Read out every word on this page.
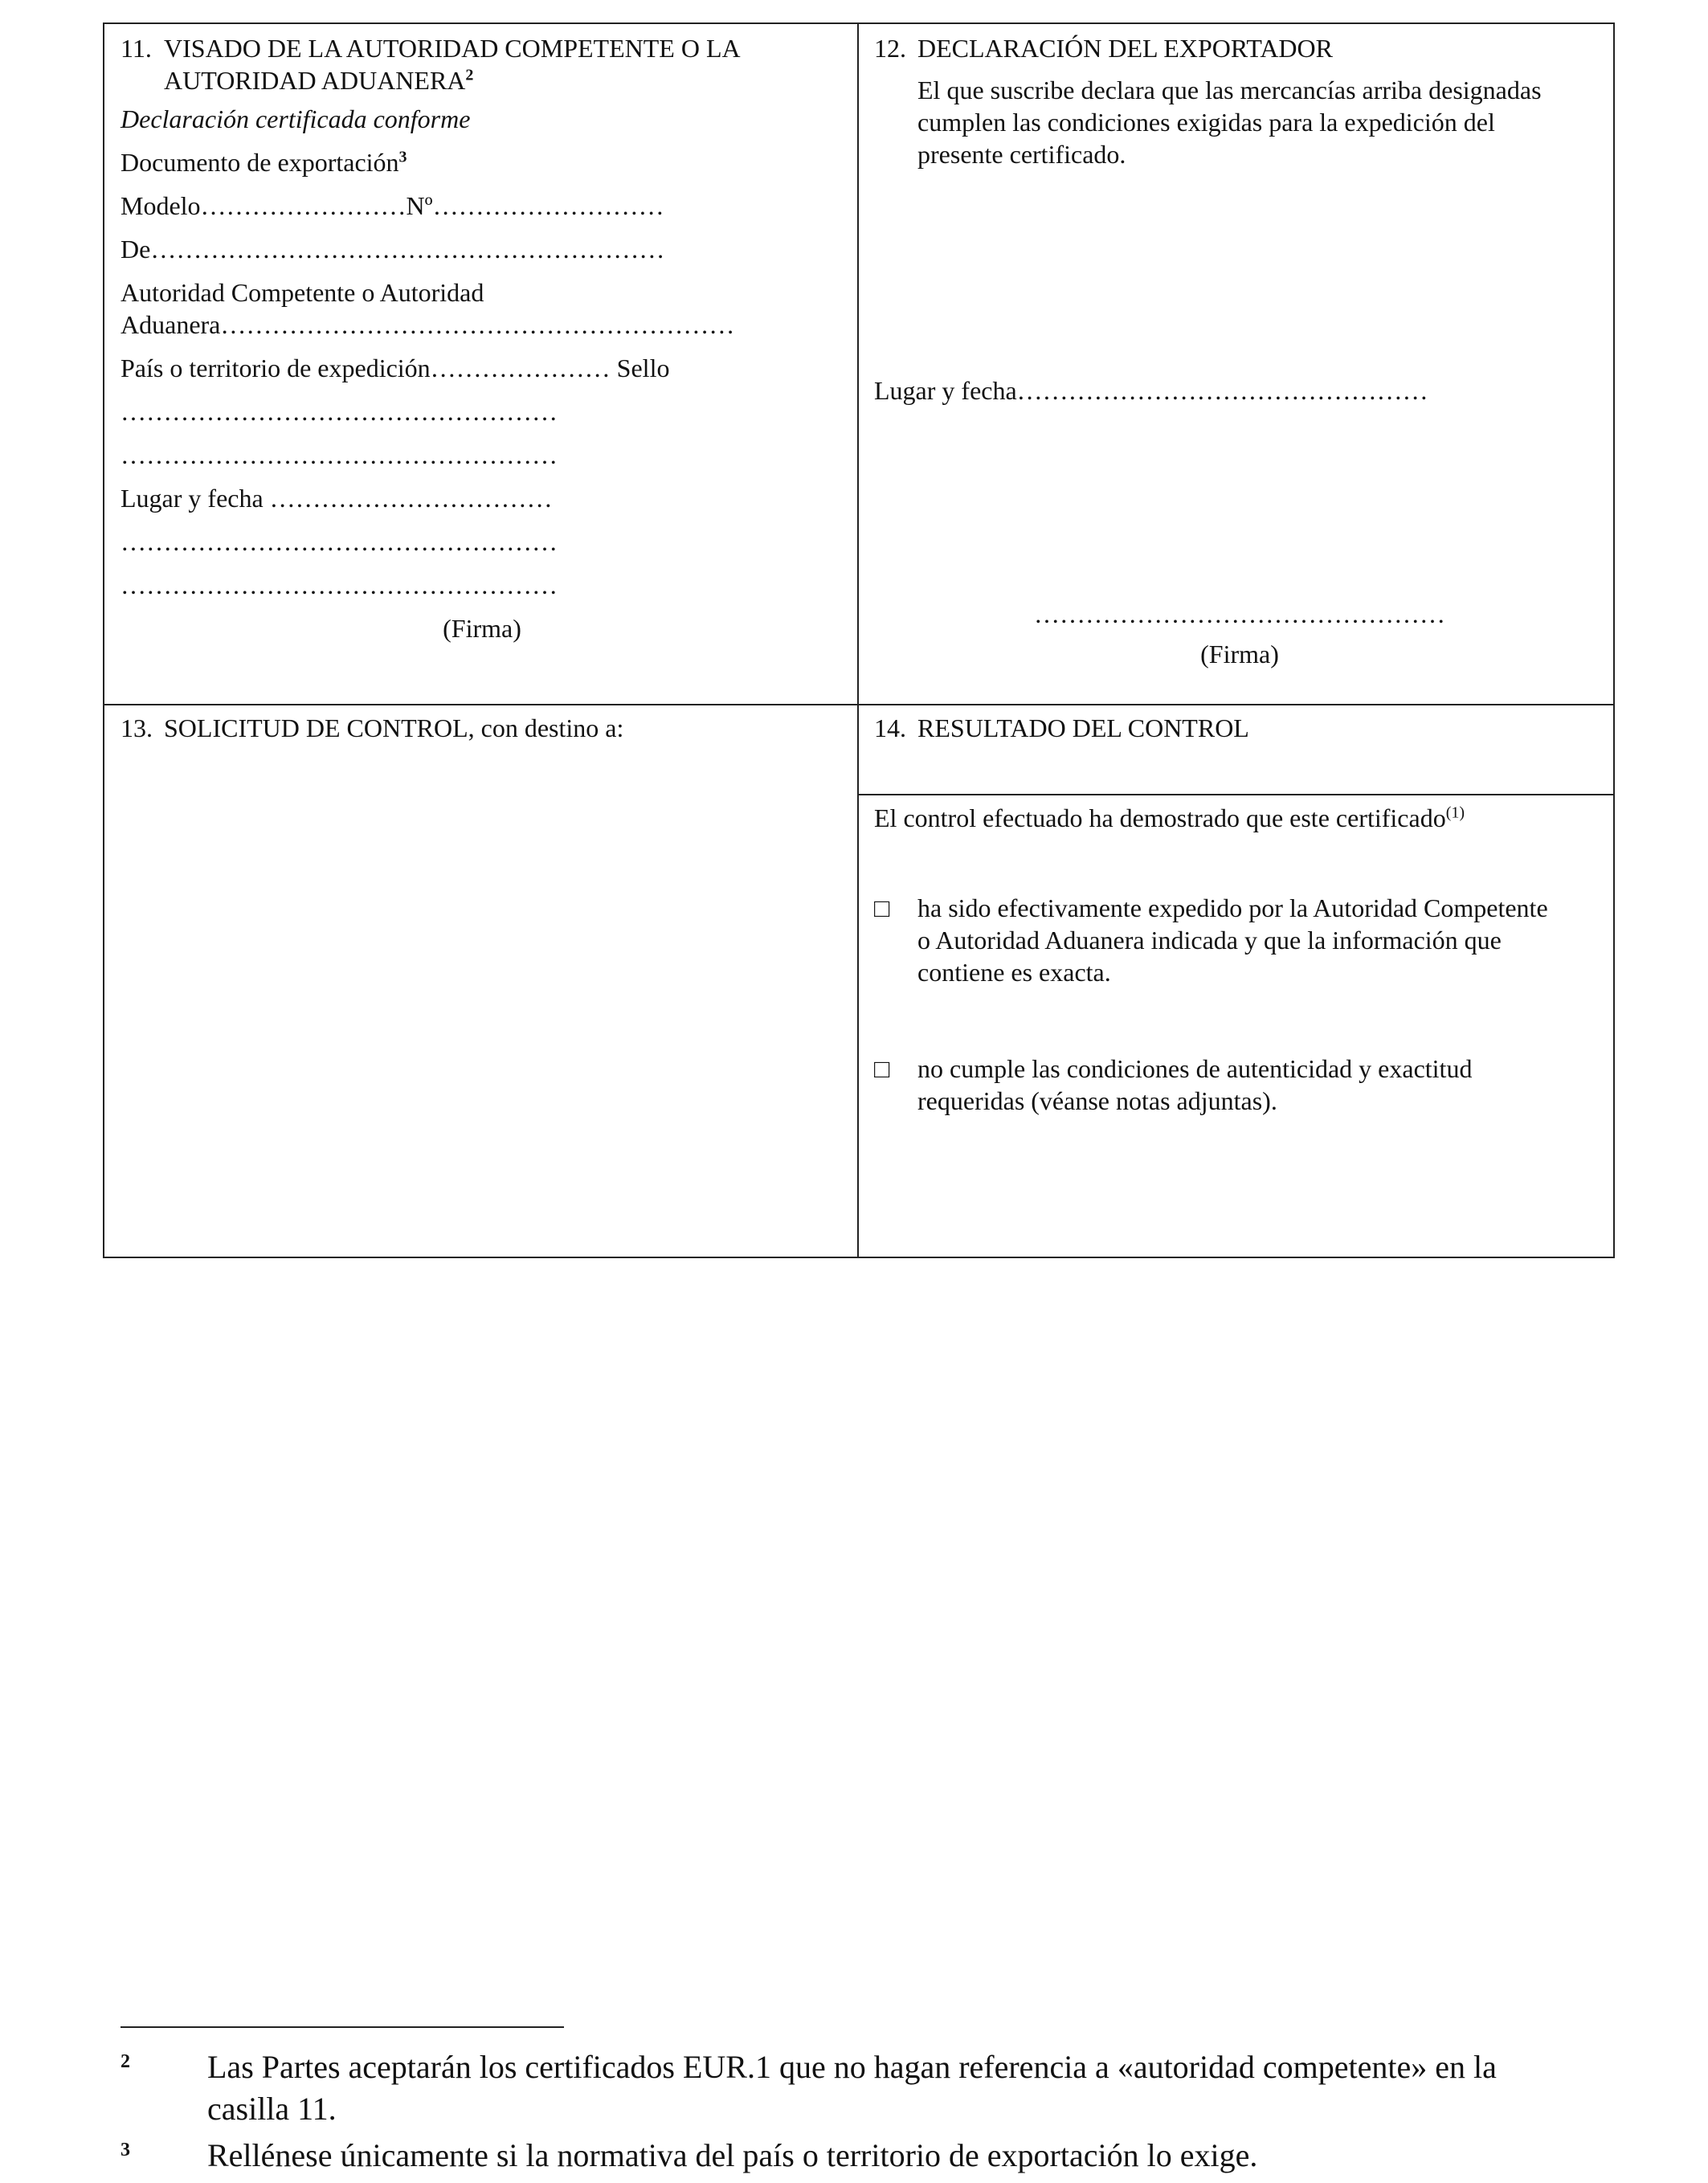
11. VISADO DE LA AUTORIDAD COMPETENTE O LA
AUTORIDAD ADUANERA$^2$
Declaración certificada conforme
Documento de exportación$^3$
Modelo……………………Nº………………………
De……………………………………………………
Autoridad Competente o Autoridad
Aduanera……………………………………………………
País o territorio de expedición………………… Sello
……………………………………………
……………………………………………
Lugar y fecha ……………………………
……………………………………………
……………………………………………
(Firma)
12. DECLARACIÓN DEL EXPORTADOR
El que suscribe declara que las mercancías arriba designadas
cumplen las condiciones exigidas para la expedición del
presente certificado.
Lugar y fecha…………………………………………
…………………………………………
(Firma)
13. SOLICITUD DE CONTROL, con destino a:	14. RESULTADO DEL CONTROL
El control efectuado ha demostrado que este certificado$^{(1)}$
□	ha sido efectivamente expedido por la Autoridad Competente
o Autoridad Aduanera indicada y que la información que
contiene es exacta.
□	no cumple las condiciones de autenticidad y exactitud
requeridas (véanse notas adjuntas).
2	Las Partes aceptarán los certificados EUR.1 que no hagan referencia a «autoridad competente» en la casilla 11.
3	Rellénese únicamente si la normativa del país o territorio de exportación lo exige.
